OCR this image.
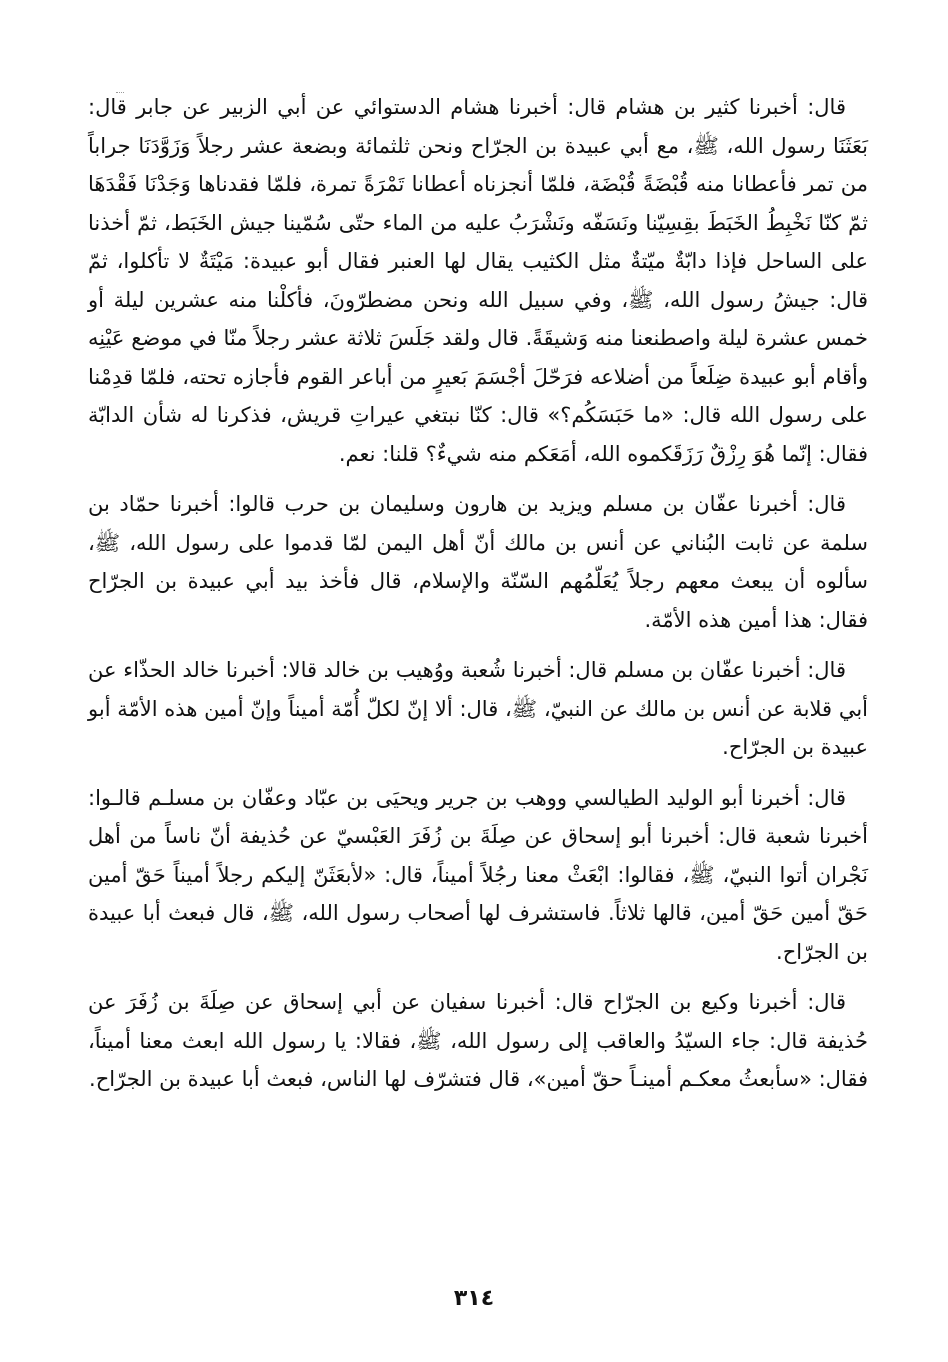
قال: أخبرنا كثير بن هشام قال: أخبرنا هشام الدستوائي عن أبي الزبير عن جابر قال: بَعَثَنَا رسول الله، ﷺ، مع أبي عبيدة بن الجرّاح ونحن ثلثمائة وبضعة عشر رجلاً وَزَوَّدَنَا جراباً من تمر فأعطانا منه قُبْضَةً قُبْضَة، فلمّا أنجزناه أعطانا تَمْرَةً تمرة، فلمّا فقدناها وَجَدْنَا فَقْدَهَا ثمّ كنّا نَخْبِطُ الخَبَطَ بقِسِيّنا ونَسَفّه ونَشْرَبُ عليه من الماء حتّى سُمّينا جيش الخَبَط، ثمّ أخذنا على الساحل فإذا دابّةٌ ميّتةٌ مثل الكثيب يقال لها العنبر فقال أبو عبيدة: مَيْتَةٌ لا تأكلوا، ثمّ قال: جيشُ رسول الله، ﷺ، وفي سبيل الله ونحن مضطرّونَ، فأكلْنا منه عشرين ليلة أو خمس عشرة ليلة واصطنعنا منه وَشيقَةً. قال ولقد جَلَسَ ثلاثة عشر رجلاً منّا في موضع عَيْنِه وأقام أبو عبيدة ضِلَعاً من أضلاعه فرَحّلَ أجْسَمَ بَعيرٍ من أباعر القوم فأجازه تحته، فلمّا قدِمْنا على رسول الله قال: «ما حَبَسَكُم؟» قال: كنّا نبتغي عيراتِ قريش، فذكرنا له شأن الدابّة فقال: إنّما هُوَ رِزْقٌ رَزَقَكموه الله، أمَعَكم منه شيءٌ؟ قلنا: نعم.

قال: أخبرنا عفّان بن مسلم ويزيد بن هارون وسليمان بن حرب قالوا: أخبرنا حمّاد بن سلمة عن ثابت البُناني عن أنس بن مالك أنّ أهل اليمن لمّا قدموا على رسول الله، ﷺ، سألوه أن يبعث معهم رجلاً يُعَلّمُهم السّنّة والإسلام، قال فأخذ بيد أبي عبيدة بن الجرّاح فقال: هذا أمين هذه الأمّة.

قال: أخبرنا عفّان بن مسلم قال: أخبرنا شُعبة ووُهيب بن خالد قالا: أخبرنا خالد الحذّاء عن أبي قلابة عن أنس بن مالك عن النبيّ، ﷺ، قال: ألا إنّ لكلّ أُمّة أميناً وإنّ أمين هذه الأمّة أبو عبيدة بن الجرّاح.

قال: أخبرنا أبو الوليد الطيالسي ووهب بن جرير ويحيَى بن عبّاد وعفّان بن مسلـم قالـوا: أخبرنا شعبة قال: أخبرنا أبو إسحاق عن صِلَةَ بن زُفَرَ العَبْسيّ عن حُذيفة أنّ ناساً من أهل نَجْران أتوا النبيّ، ﷺ، فقالوا: ابْعَثْ معنا رجُلاً أميناً، قال: «لأبعَثَنّ إليكم رجلاً أميناً حَقّ أمين حَقّ أمين حَقّ أمين، قالها ثلاثاً. فاستشرف لها أصحاب رسول الله، ﷺ، قال فبعث أبا عبيدة بن الجرّاح.

قال: أخبرنا وكيع بن الجرّاح قال: أخبرنا سفيان عن أبي إسحاق عن صِلَةَ بن زُفَرَ عن حُذيفة قال: جاء السيّدُ والعاقب إلى رسول الله، ﷺ، فقالا: يا رسول الله ابعث معنا أميناً، فقال: «سأبعثُ معكـم أمينـاً حقّ أمين»، قال فتشرّف لها الناس، فبعث أبا عبيدة بن الجرّاح.

٣١٤
